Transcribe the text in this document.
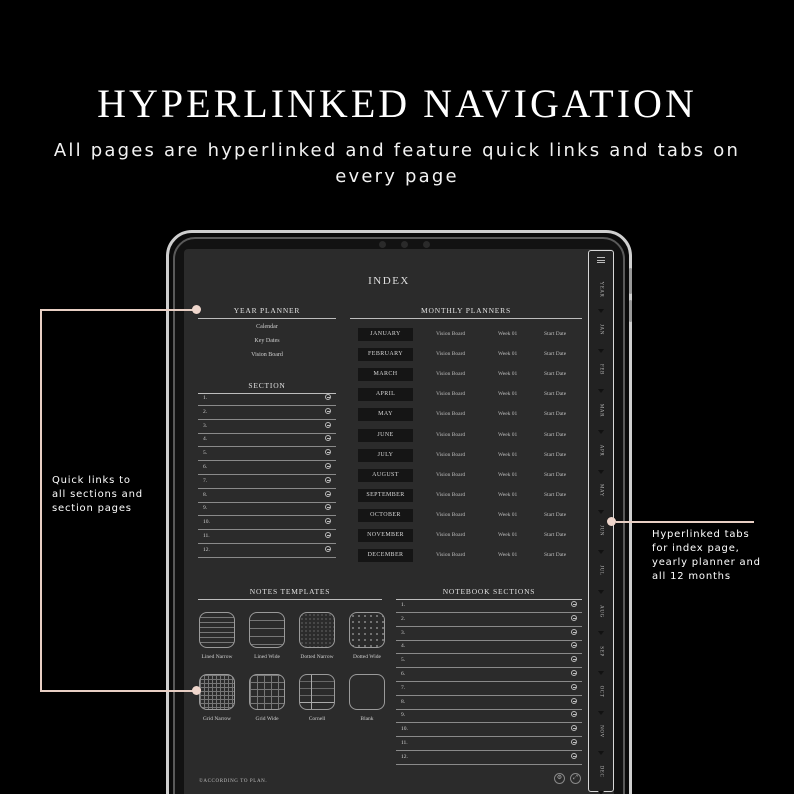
HYPERLINKED NAVIGATION
All pages are hyperlinked and feature quick links and tabs on every page
INDEX
YEAR PLANNER
Calendar
Key Dates
Vision Board
SECTION
1.
2.
3.
4.
5.
6.
7.
8.
9.
10.
11.
12.
MONTHLY PLANNERS
JANUARY	Vision Board	Week 01	Start Date
FEBRUARY	Vision Board	Week 01	Start Date
MARCH	Vision Board	Week 01	Start Date
APRIL	Vision Board	Week 01	Start Date
MAY	Vision Board	Week 01	Start Date
JUNE	Vision Board	Week 01	Start Date
JULY	Vision Board	Week 01	Start Date
AUGUST	Vision Board	Week 01	Start Date
SEPTEMBER	Vision Board	Week 01	Start Date
OCTOBER	Vision Board	Week 01	Start Date
NOVEMBER	Vision Board	Week 01	Start Date
DECEMBER	Vision Board	Week 01	Start Date
NOTES TEMPLATES
Lined Narrow	Lined Wide	Dotted Narrow	Dotted Wide
Grid Narrow	Grid Wide	Cornell	Blank
NOTEBOOK SECTIONS
1.
2.
3.
4.
5.
6.
7.
8.
9.
10.
11.
12.
©ACCORDING TO PLAN.
⚙	⤢
YEAR
JAN
FEB
MAR
APR
MAY
JUN
JUL
AUG
SEP
OCT
NOV
DEC
Quick links to all sections and section pages
Hyperlinked tabs for index page, yearly planner and all 12 months
